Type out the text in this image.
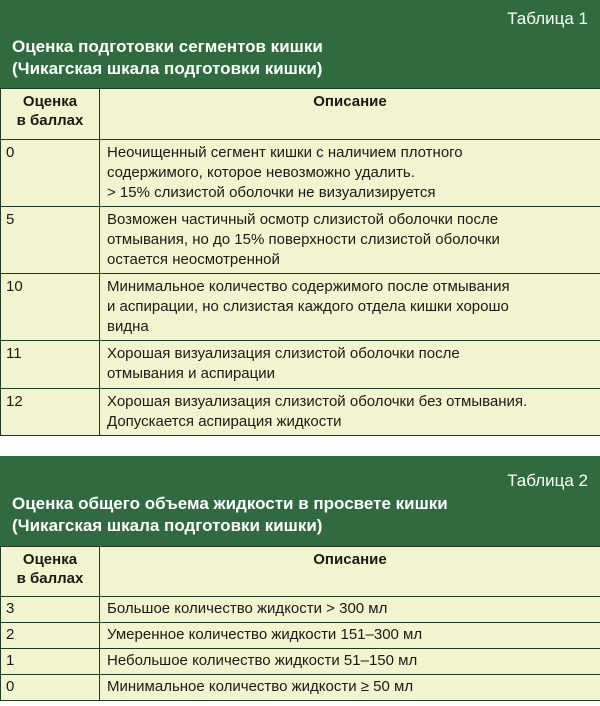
Таблица 1
Оценка подготовки сегментов кишки
(Чикагская шкала подготовки кишки)
Оценка
в баллах	Описание
0	Неочищенный сегмент кишки с наличием плотного
содержимого, которое невозможно удалить.
> 15% слизистой оболочки не визуализируется

5	Возможен частичный осмотр слизистой оболочки после
отмывания, но до 15% поверхности слизистой оболочки
остается неосмотренной

10	Минимальное количество содержимого после отмывания
и аспирации, но слизистая каждого отдела кишки хорошо
видна

11	Хорошая визуализация слизистой оболочки после
отмывания и аспирации

12	Хорошая визуализация слизистой оболочки без отмывания.
Допускается аспирация жидкости
Таблица 2
Оценка общего объема жидкости в просвете кишки
(Чикагская шкала подготовки кишки)
Оценка
в баллах	Описание
3	Большое количество жидкости > 300 мл
2	Умеренное количество жидкости 151–300 мл
1	Небольшое количество жидкости 51–150 мл
0	Минимальное количество жидкости ≥ 50 мл
